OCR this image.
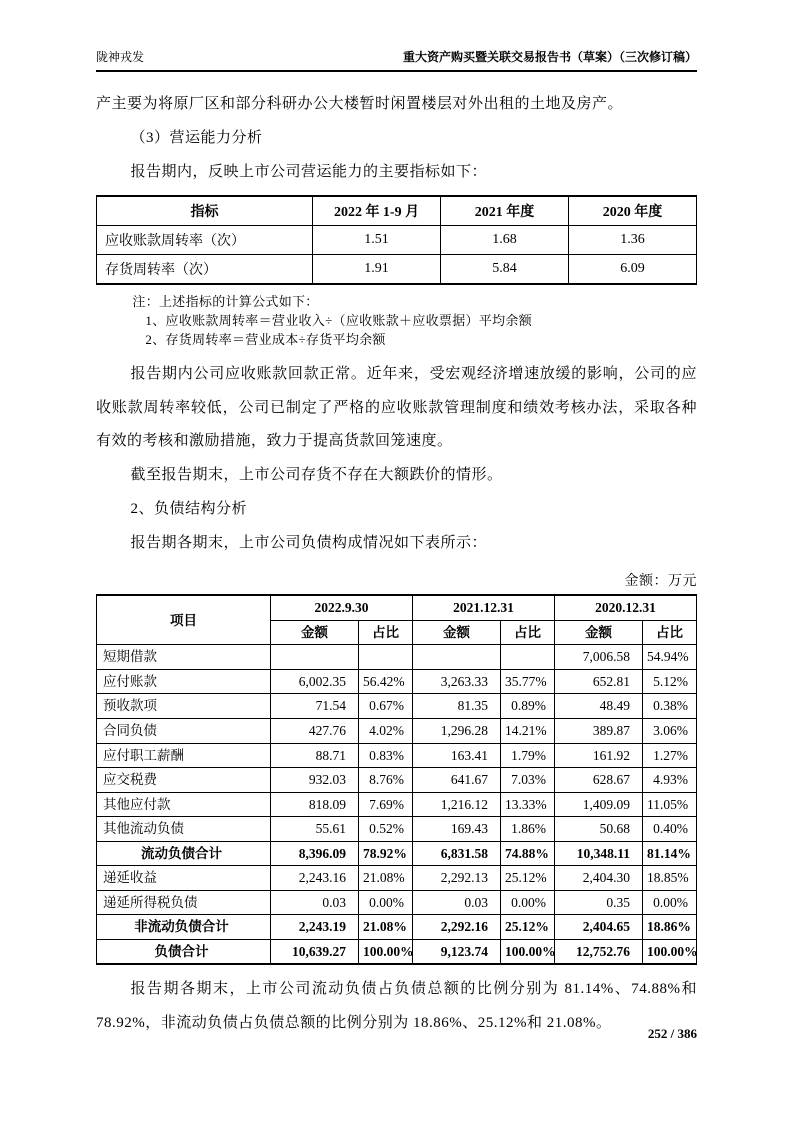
陇神戎发	重大资产购买暨关联交易报告书（草案）（三次修订稿）

产主要为将原厂区和部分科研办公大楼暂时闲置楼层对外出租的土地及房产。

（3）营运能力分析

报告期内，反映上市公司营运能力的主要指标如下：

指标	2022 年 1-9 月	2021 年度	2020 年度
应收账款周转率（次）	1.51	1.68	1.36
存货周转率（次）	1.91	5.84	6.09

注：上述指标的计算公式如下：

1、应收账款周转率＝营业收入÷（应收账款＋应收票据）平均余额

2、存货周转率＝营业成本÷存货平均余额

报告期内公司应收账款回款正常。近年来，受宏观经济增速放缓的影响，公司的应收账款周转率较低，公司已制定了严格的应收账款管理制度和绩效考核办法，采取各种有效的考核和激励措施，致力于提高货款回笼速度。

截至报告期末，上市公司存货不存在大额跌价的情形。

2、负债结构分析

报告期各期末，上市公司负债构成情况如下表所示：

金额：万元

项目	2022.9.30		2021.12.31		2020.12.31	
	金额	占比	金额	占比	金额	占比
短期借款					7,006.58	54.94%
应付账款	6,002.35	56.42%	3,263.33	35.77%	652.81	5.12%
预收款项	71.54	0.67%	81.35	0.89%	48.49	0.38%
合同负债	427.76	4.02%	1,296.28	14.21%	389.87	3.06%
应付职工薪酬	88.71	0.83%	163.41	1.79%	161.92	1.27%
应交税费	932.03	8.76%	641.67	7.03%	628.67	4.93%
其他应付款	818.09	7.69%	1,216.12	13.33%	1,409.09	11.05%
其他流动负债	55.61	0.52%	169.43	1.86%	50.68	0.40%
流动负债合计	8,396.09	78.92%	6,831.58	74.88%	10,348.11	81.14%
递延收益	2,243.16	21.08%	2,292.13	25.12%	2,404.30	18.85%
递延所得税负债	0.03	0.00%	0.03	0.00%	0.35	0.00%
非流动负债合计	2,243.19	21.08%	2,292.16	25.12%	2,404.65	18.86%
负债合计	10,639.27	100.00%	9,123.74	100.00%	12,752.76	100.00%

报告期各期末，上市公司流动负债占负债总额的比例分别为 81.14%、74.88%和 78.92%，非流动负债占负债总额的比例分别为 18.86%、25.12%和 21.08%。

252 / 386
